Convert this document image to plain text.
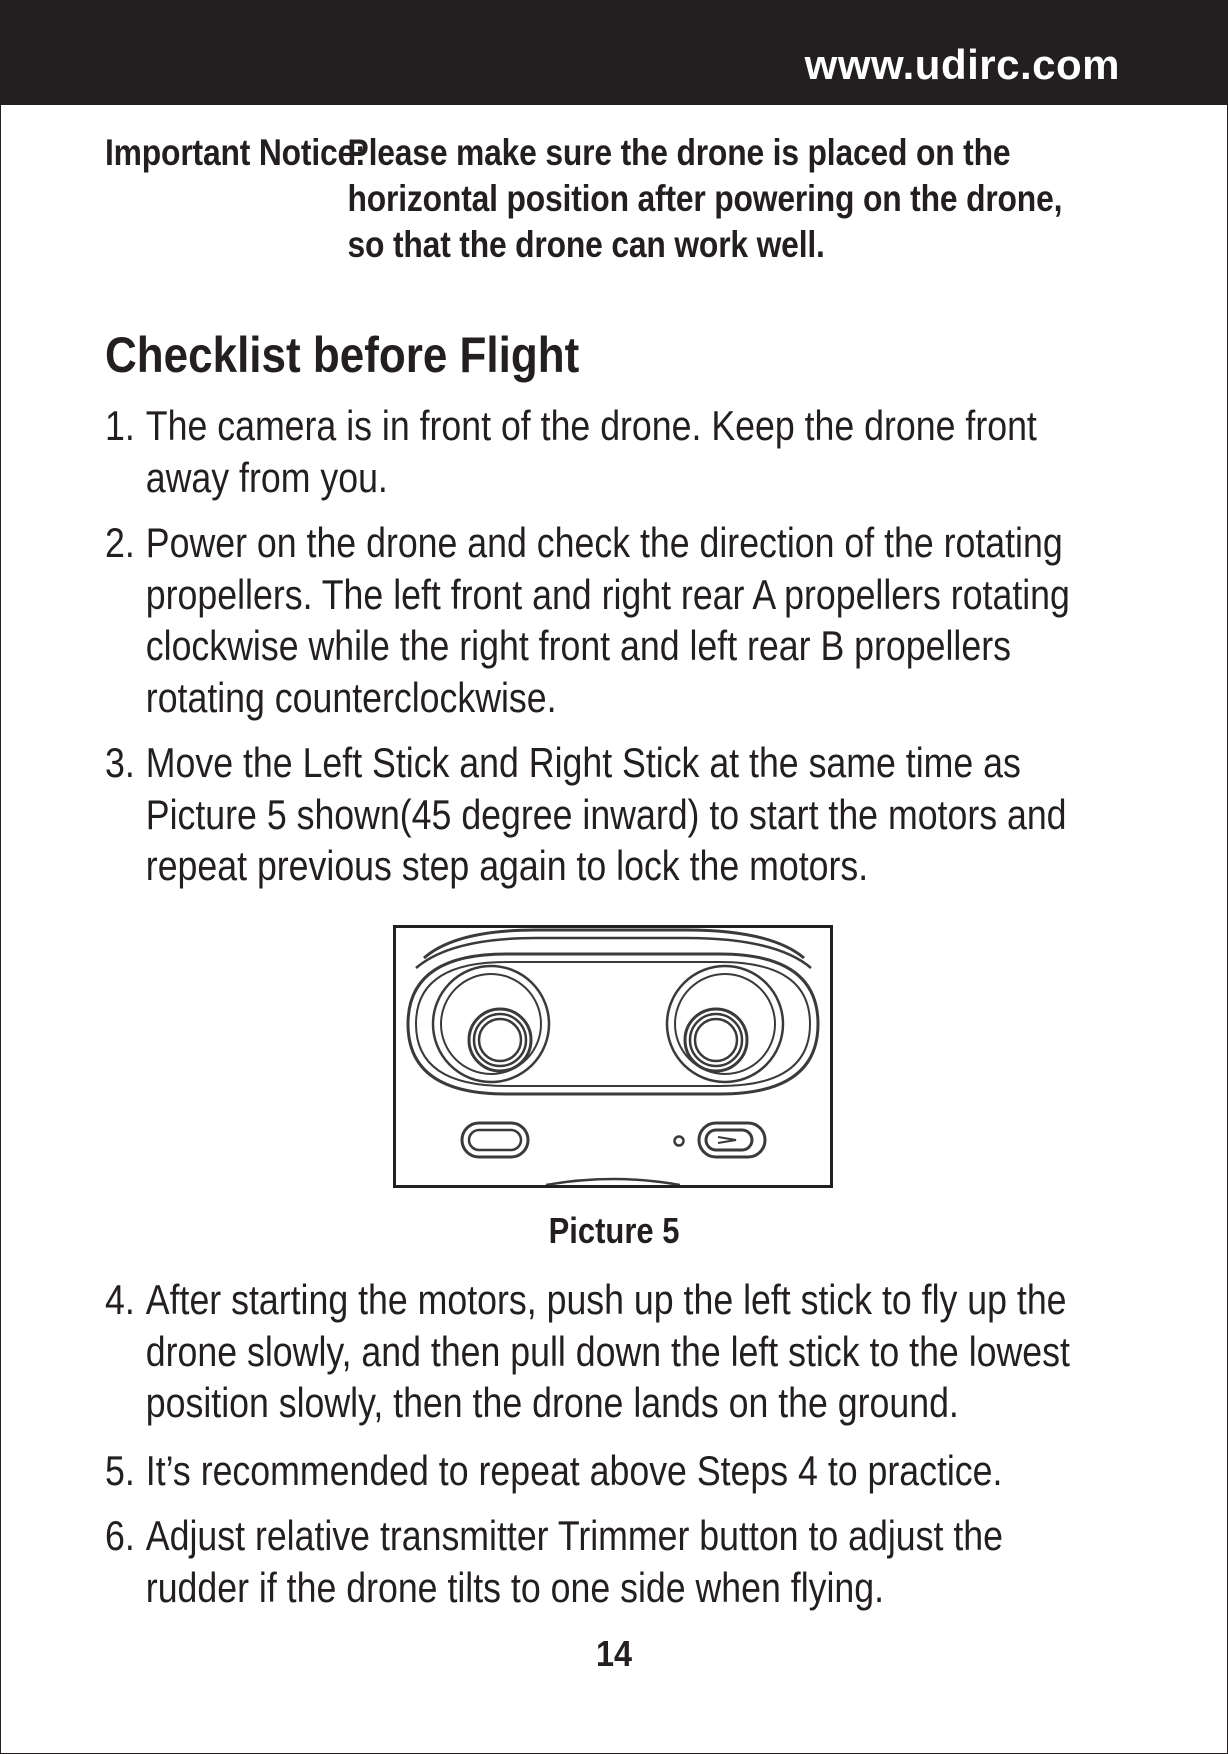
www.udirc.com
Important Notice:Please make sure the drone is placed on the
horizontal position after powering on the drone,
so that the drone can work well.
Checklist before Flight
1. The camera is in front of the drone. Keep the drone front
away from you.
2. Power on the drone and check the direction of the rotating
propellers. The left front and right rear A propellers rotating
clockwise while the right front and left rear B propellers
rotating counterclockwise.
3. Move the Left Stick and Right Stick at the same time as
Picture 5 shown(45 degree inward) to start the motors and
repeat previous step again to lock the motors.
Picture 5
4. After starting the motors, push up the left stick to fly up the
drone slowly, and then pull down the left stick to the lowest
position slowly, then the drone lands on the ground.
5. It’s recommended to repeat above Steps 4 to practice.
6. Adjust relative transmitter Trimmer button to adjust the
rudder if the drone tilts to one side when flying.
14
